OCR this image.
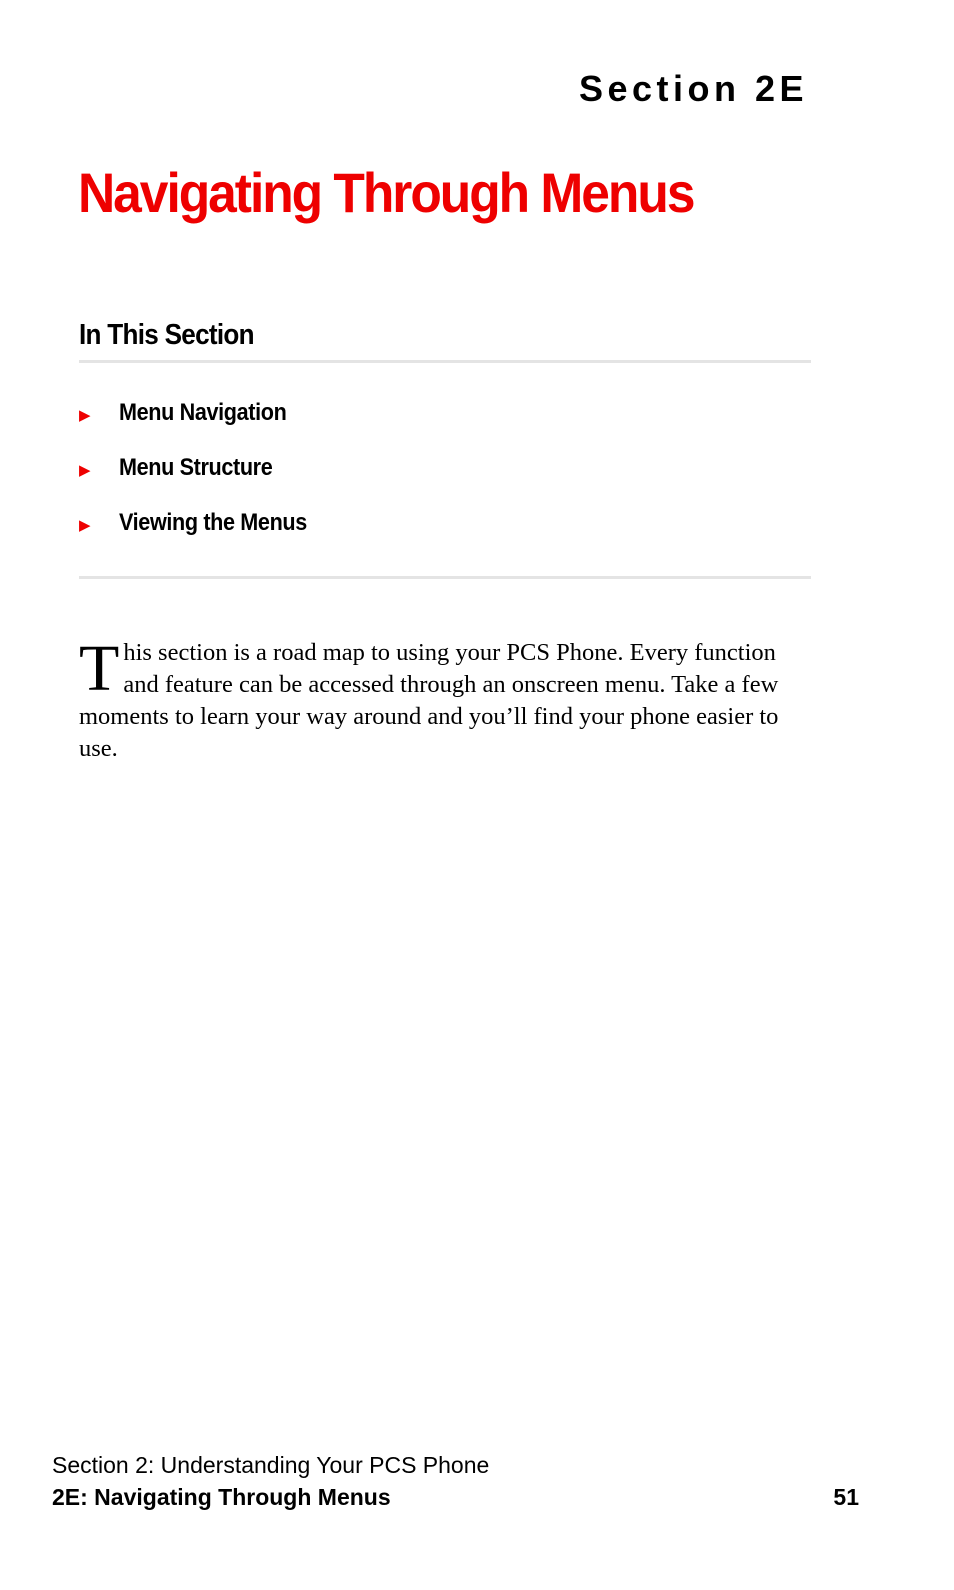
Section 2E
Navigating Through Menus
In This Section
▶	Menu Navigation
▶	Menu Structure
▶	Viewing the Menus

This section is a road map to using your PCS Phone. Every function and feature can be accessed through an onscreen menu. Take a few moments to learn your way around and you’ll find your phone easier to use.

Section 2: Understanding Your PCS Phone
2E: Navigating Through Menus	51
